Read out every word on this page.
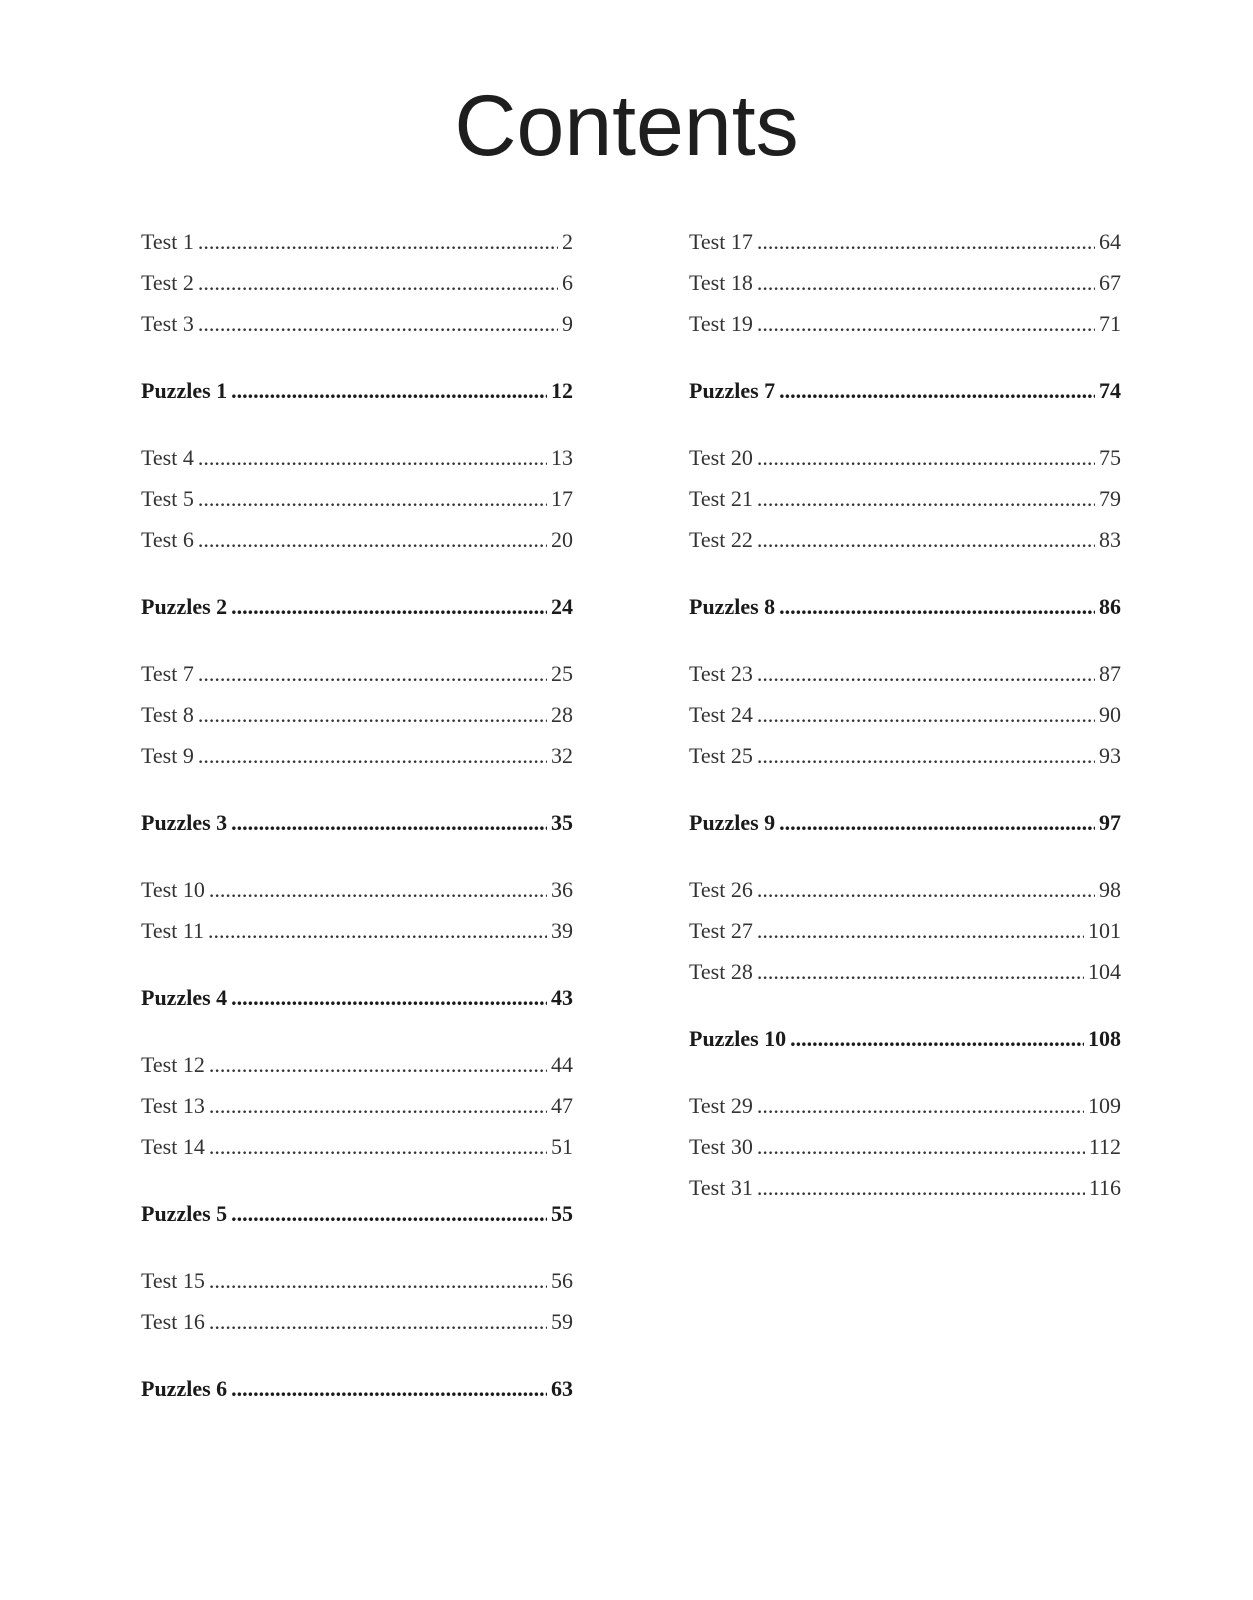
Contents
Test 1 .....	2
Test 2 .....	6
Test 3 .....	9
Puzzles 1 .....	12
Test 4 .....	13
Test 5 .....	17
Test 6 .....	20
Puzzles 2 .....	24
Test 7 .....	25
Test 8 .....	28
Test 9 .....	32
Puzzles 3 .....	35
Test 10 .....	36
Test 11 .....	39
Puzzles 4 .....	43
Test 12 .....	44
Test 13 .....	47
Test 14 .....	51
Puzzles 5 .....	55
Test 15 .....	56
Test 16 .....	59
Puzzles 6 .....	63
Test 17 .....	64
Test 18 .....	67
Test 19 .....	71
Puzzles 7 .....	74
Test 20 .....	75
Test 21 .....	79
Test 22 .....	83
Puzzles 8 .....	86
Test 23 .....	87
Test 24 .....	90
Test 25 .....	93
Puzzles 9 .....	97
Test 26 .....	98
Test 27 .....	101
Test 28 .....	104
Puzzles 10 .....	108
Test 29 .....	109
Test 30 .....	112
Test 31 .....	116
